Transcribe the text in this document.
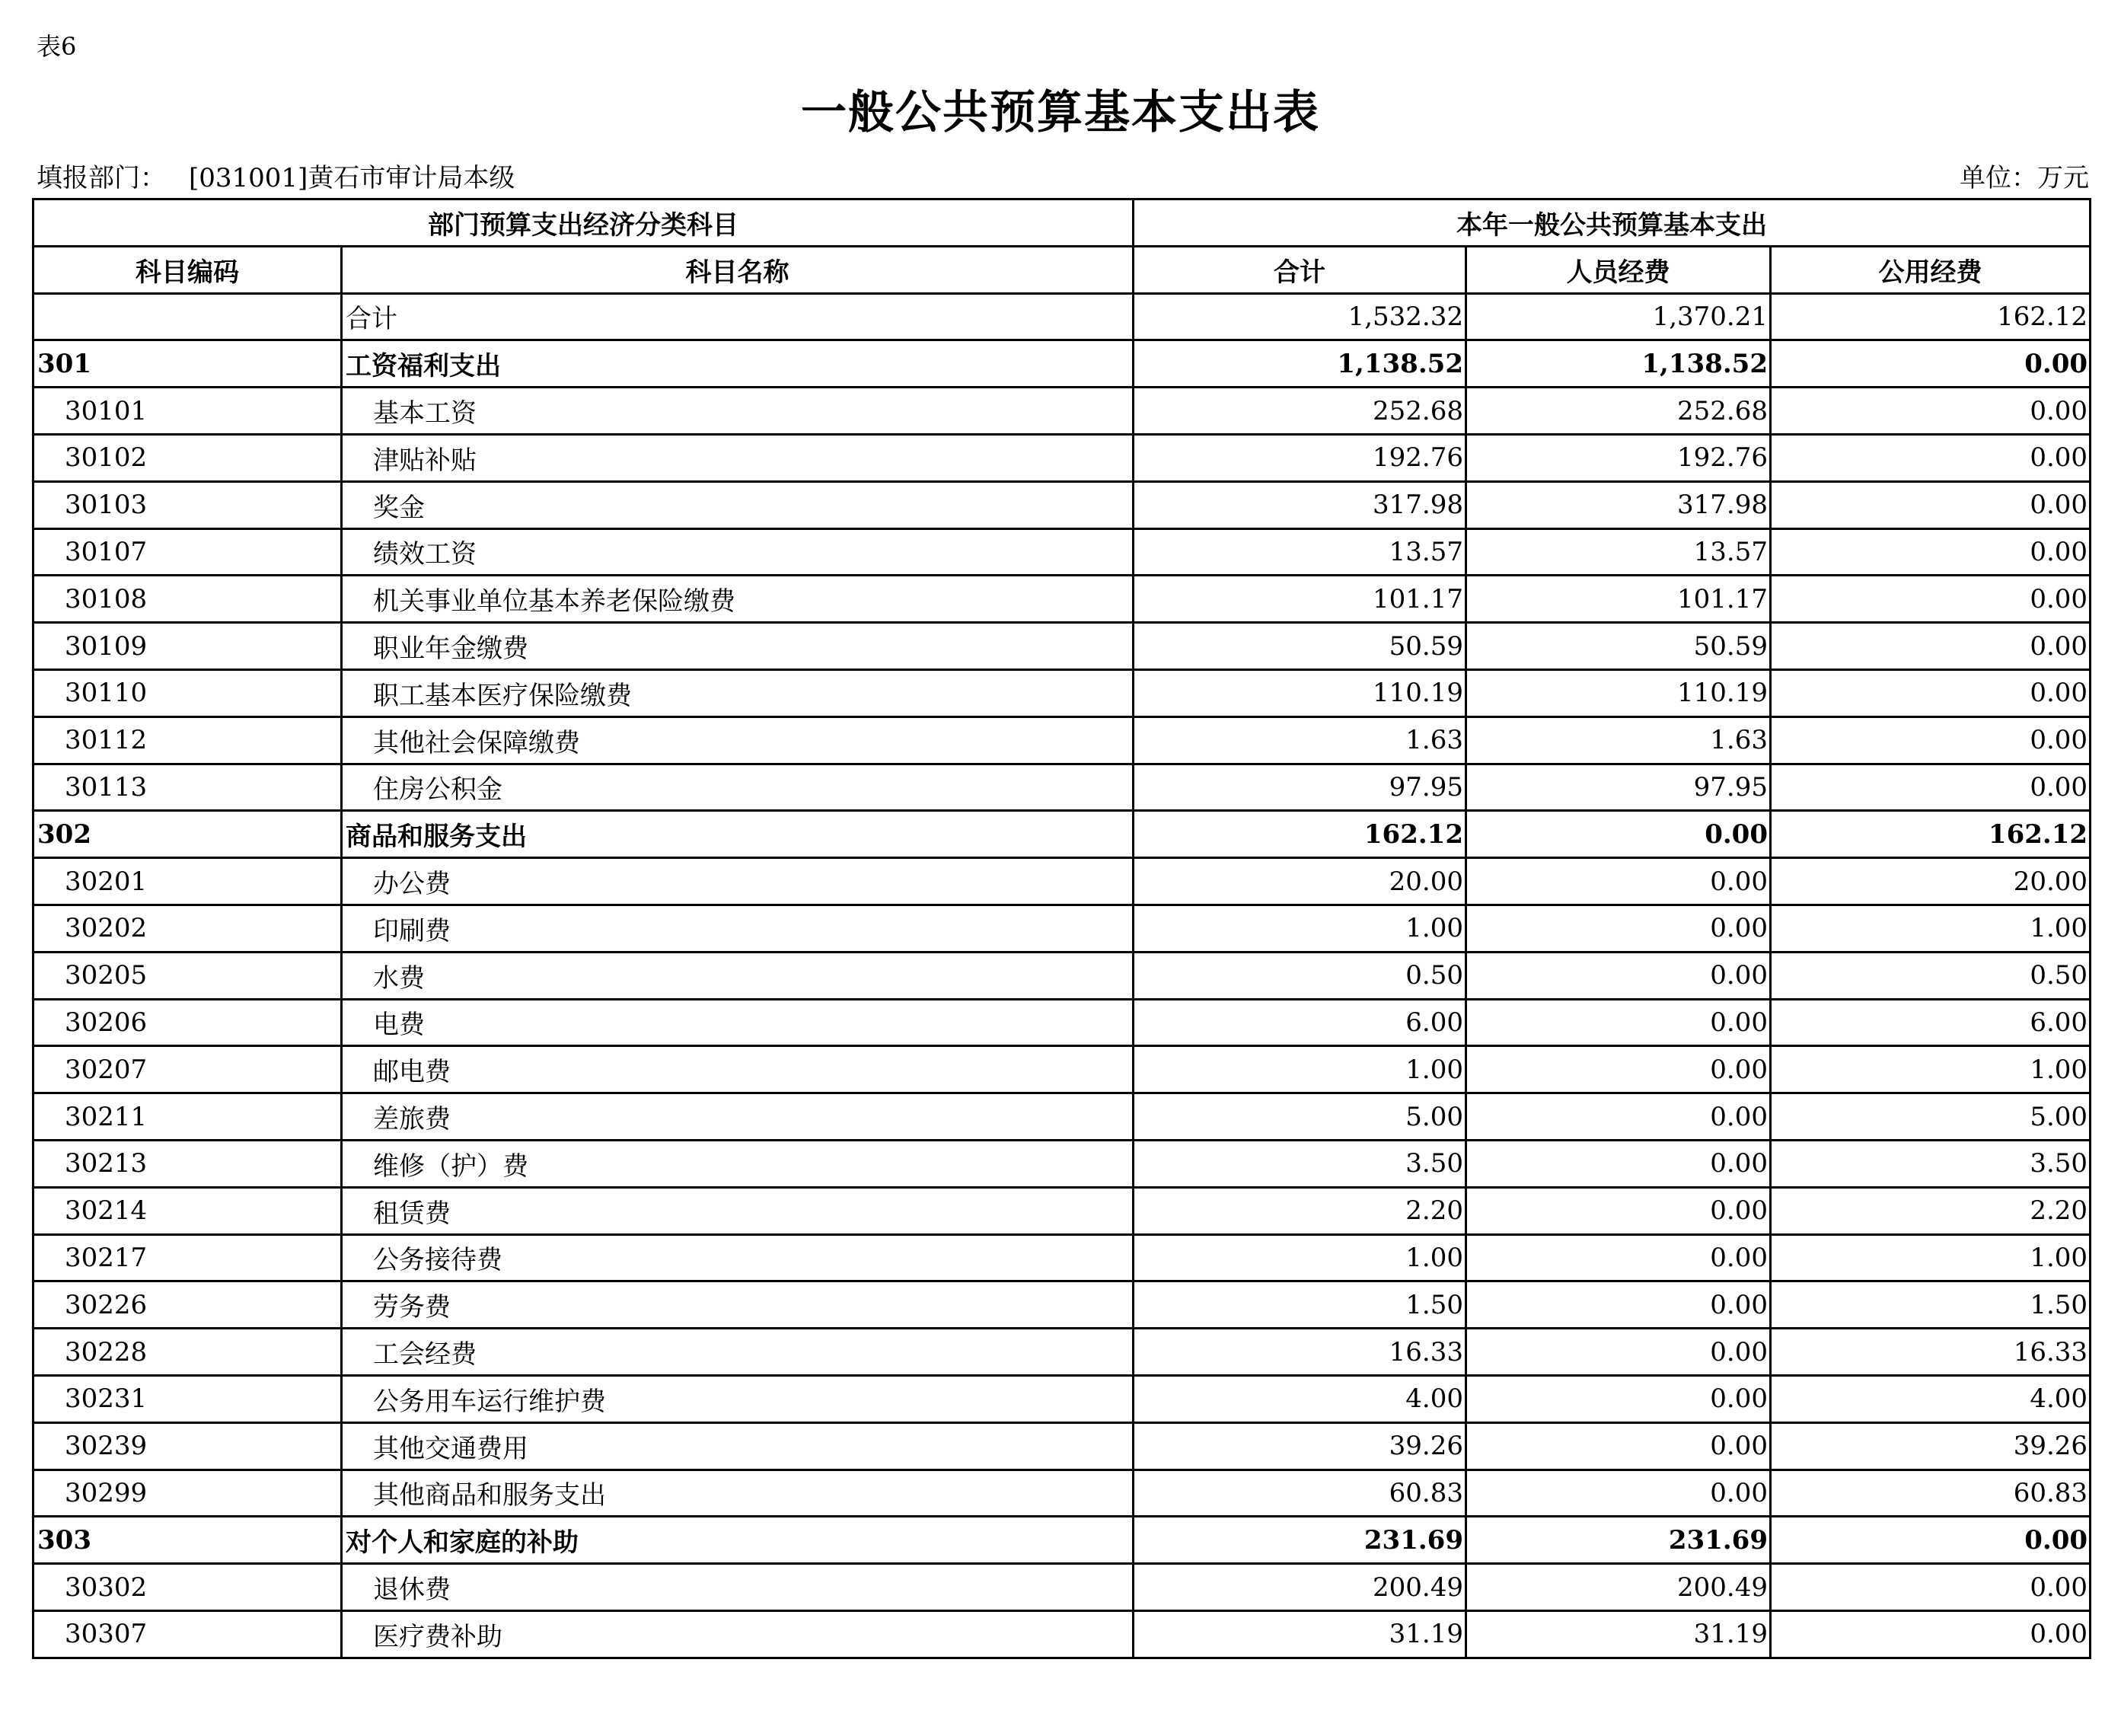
表6
一般公共预算基本支出表
填报部门： [031001]黄石市审计局本级	单位：万元
部门预算支出经济分类科目		本年一般公共预算基本支出		
科目编码	科目名称	合计	人员经费	公用经费
	合计	1,532.32	1,370.21	162.12
301	工资福利支出	1,138.52	1,138.52	0.00
30101	基本工资	252.68	252.68	0.00
30102	津贴补贴	192.76	192.76	0.00
30103	奖金	317.98	317.98	0.00
30107	绩效工资	13.57	13.57	0.00
30108	机关事业单位基本养老保险缴费	101.17	101.17	0.00
30109	职业年金缴费	50.59	50.59	0.00
30110	职工基本医疗保险缴费	110.19	110.19	0.00
30112	其他社会保障缴费	1.63	1.63	0.00
30113	住房公积金	97.95	97.95	0.00
302	商品和服务支出	162.12	0.00	162.12
30201	办公费	20.00	0.00	20.00
30202	印刷费	1.00	0.00	1.00
30205	水费	0.50	0.00	0.50
30206	电费	6.00	0.00	6.00
30207	邮电费	1.00	0.00	1.00
30211	差旅费	5.00	0.00	5.00
30213	维修（护）费	3.50	0.00	3.50
30214	租赁费	2.20	0.00	2.20
30217	公务接待费	1.00	0.00	1.00
30226	劳务费	1.50	0.00	1.50
30228	工会经费	16.33	0.00	16.33
30231	公务用车运行维护费	4.00	0.00	4.00
30239	其他交通费用	39.26	0.00	39.26
30299	其他商品和服务支出	60.83	0.00	60.83
303	对个人和家庭的补助	231.69	231.69	0.00
30302	退休费	200.49	200.49	0.00
30307	医疗费补助	31.19	31.19	0.00
